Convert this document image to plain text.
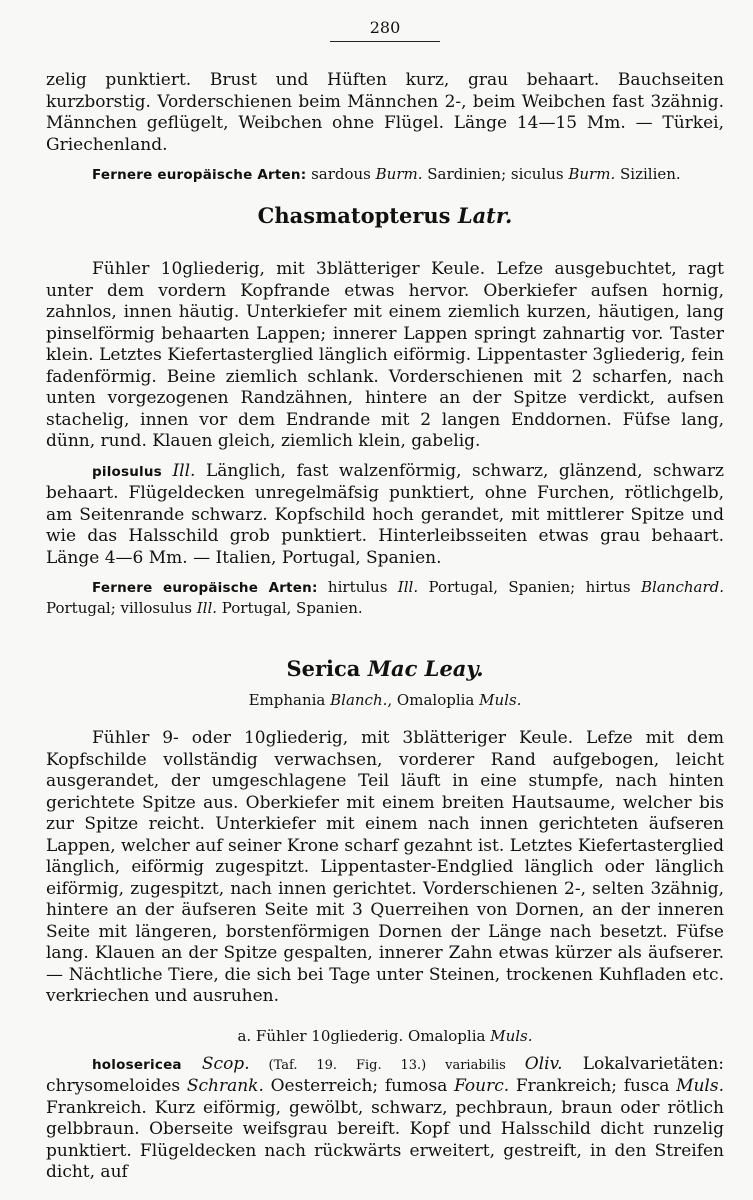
280

zelig punktiert. Brust und Hüften kurz, grau behaart. Bauchseiten kurzborstig. Vorderschienen beim Männchen 2-, beim Weibchen fast 3zähnig. Männchen geflügelt, Weibchen ohne Flügel. Länge 14—15 Mm. — Türkei, Griechenland.

Fernere europäische Arten: sardous Burm. Sardinien; siculus Burm. Sizilien.

Chasmatopterus Latr.

Fühler 10gliederig, mit 3blätteriger Keule. Lefze ausgebuchtet, ragt unter dem vordern Kopfrande etwas hervor. Oberkiefer aufsen hornig, zahnlos, innen häutig. Unterkiefer mit einem ziemlich kurzen, häutigen, lang pinselförmig behaarten Lappen; innerer Lappen springt zahnartig vor. Taster klein. Letztes Kiefertasterglied länglich eiförmig. Lippentaster 3gliederig, fein fadenförmig. Beine ziemlich schlank. Vorderschienen mit 2 scharfen, nach unten vorgezogenen Randzähnen, hintere an der Spitze verdickt, aufsen stachelig, innen vor dem Endrande mit 2 langen Enddornen. Füfse lang, dünn, rund. Klauen gleich, ziemlich klein, gabelig.

pilosulus Ill. Länglich, fast walzenförmig, schwarz, glänzend, schwarz behaart. Flügeldecken unregelmäfsig punktiert, ohne Furchen, rötlichgelb, am Seitenrande schwarz. Kopfschild hoch gerandet, mit mittlerer Spitze und wie das Halsschild grob punktiert. Hinterleibsseiten etwas grau behaart. Länge 4—6 Mm. — Italien, Portugal, Spanien.

Fernere europäische Arten: hirtulus Ill. Portugal, Spanien; hirtus Blanchard. Portugal; villosulus Ill. Portugal, Spanien.

Serica Mac Leay.

Emphania Blanch., Omaloplia Muls.

Fühler 9- oder 10gliederig, mit 3blätteriger Keule. Lefze mit dem Kopfschilde vollständig verwachsen, vorderer Rand aufgebogen, leicht ausgerandet, der umgeschlagene Teil läuft in eine stumpfe, nach hinten gerichtete Spitze aus. Oberkiefer mit einem breiten Hautsaume, welcher bis zur Spitze reicht. Unterkiefer mit einem nach innen gerichteten äufseren Lappen, welcher auf seiner Krone scharf gezahnt ist. Letztes Kiefertasterglied länglich, eiförmig zugespitzt. Lippentaster-Endglied länglich oder länglich eiförmig, zugespitzt, nach innen gerichtet. Vorderschienen 2-, selten 3zähnig, hintere an der äufseren Seite mit 3 Querreihen von Dornen, an der inneren Seite mit längeren, borstenförmigen Dornen der Länge nach besetzt. Füfse lang. Klauen an der Spitze gespalten, innerer Zahn etwas kürzer als äufserer. — Nächtliche Tiere, die sich bei Tage unter Steinen, trockenen Kuhfladen etc. verkriechen und ausruhen.

a. Fühler 10gliederig. Omaloplia Muls.

holosericea Scop. (Taf. 19. Fig. 13.) variabilis Oliv. Lokalvarietäten: chrysomeloides Schrank. Oesterreich; fumosa Fourc. Frankreich; fusca Muls. Frankreich. Kurz eiförmig, gewölbt, schwarz, pechbraun, braun oder rötlich gelbbraun. Oberseite weifsgrau bereift. Kopf und Halsschild dicht runzelig punktiert. Flügeldecken nach rückwärts erweitert, gestreift, in den Streifen dicht, auf
